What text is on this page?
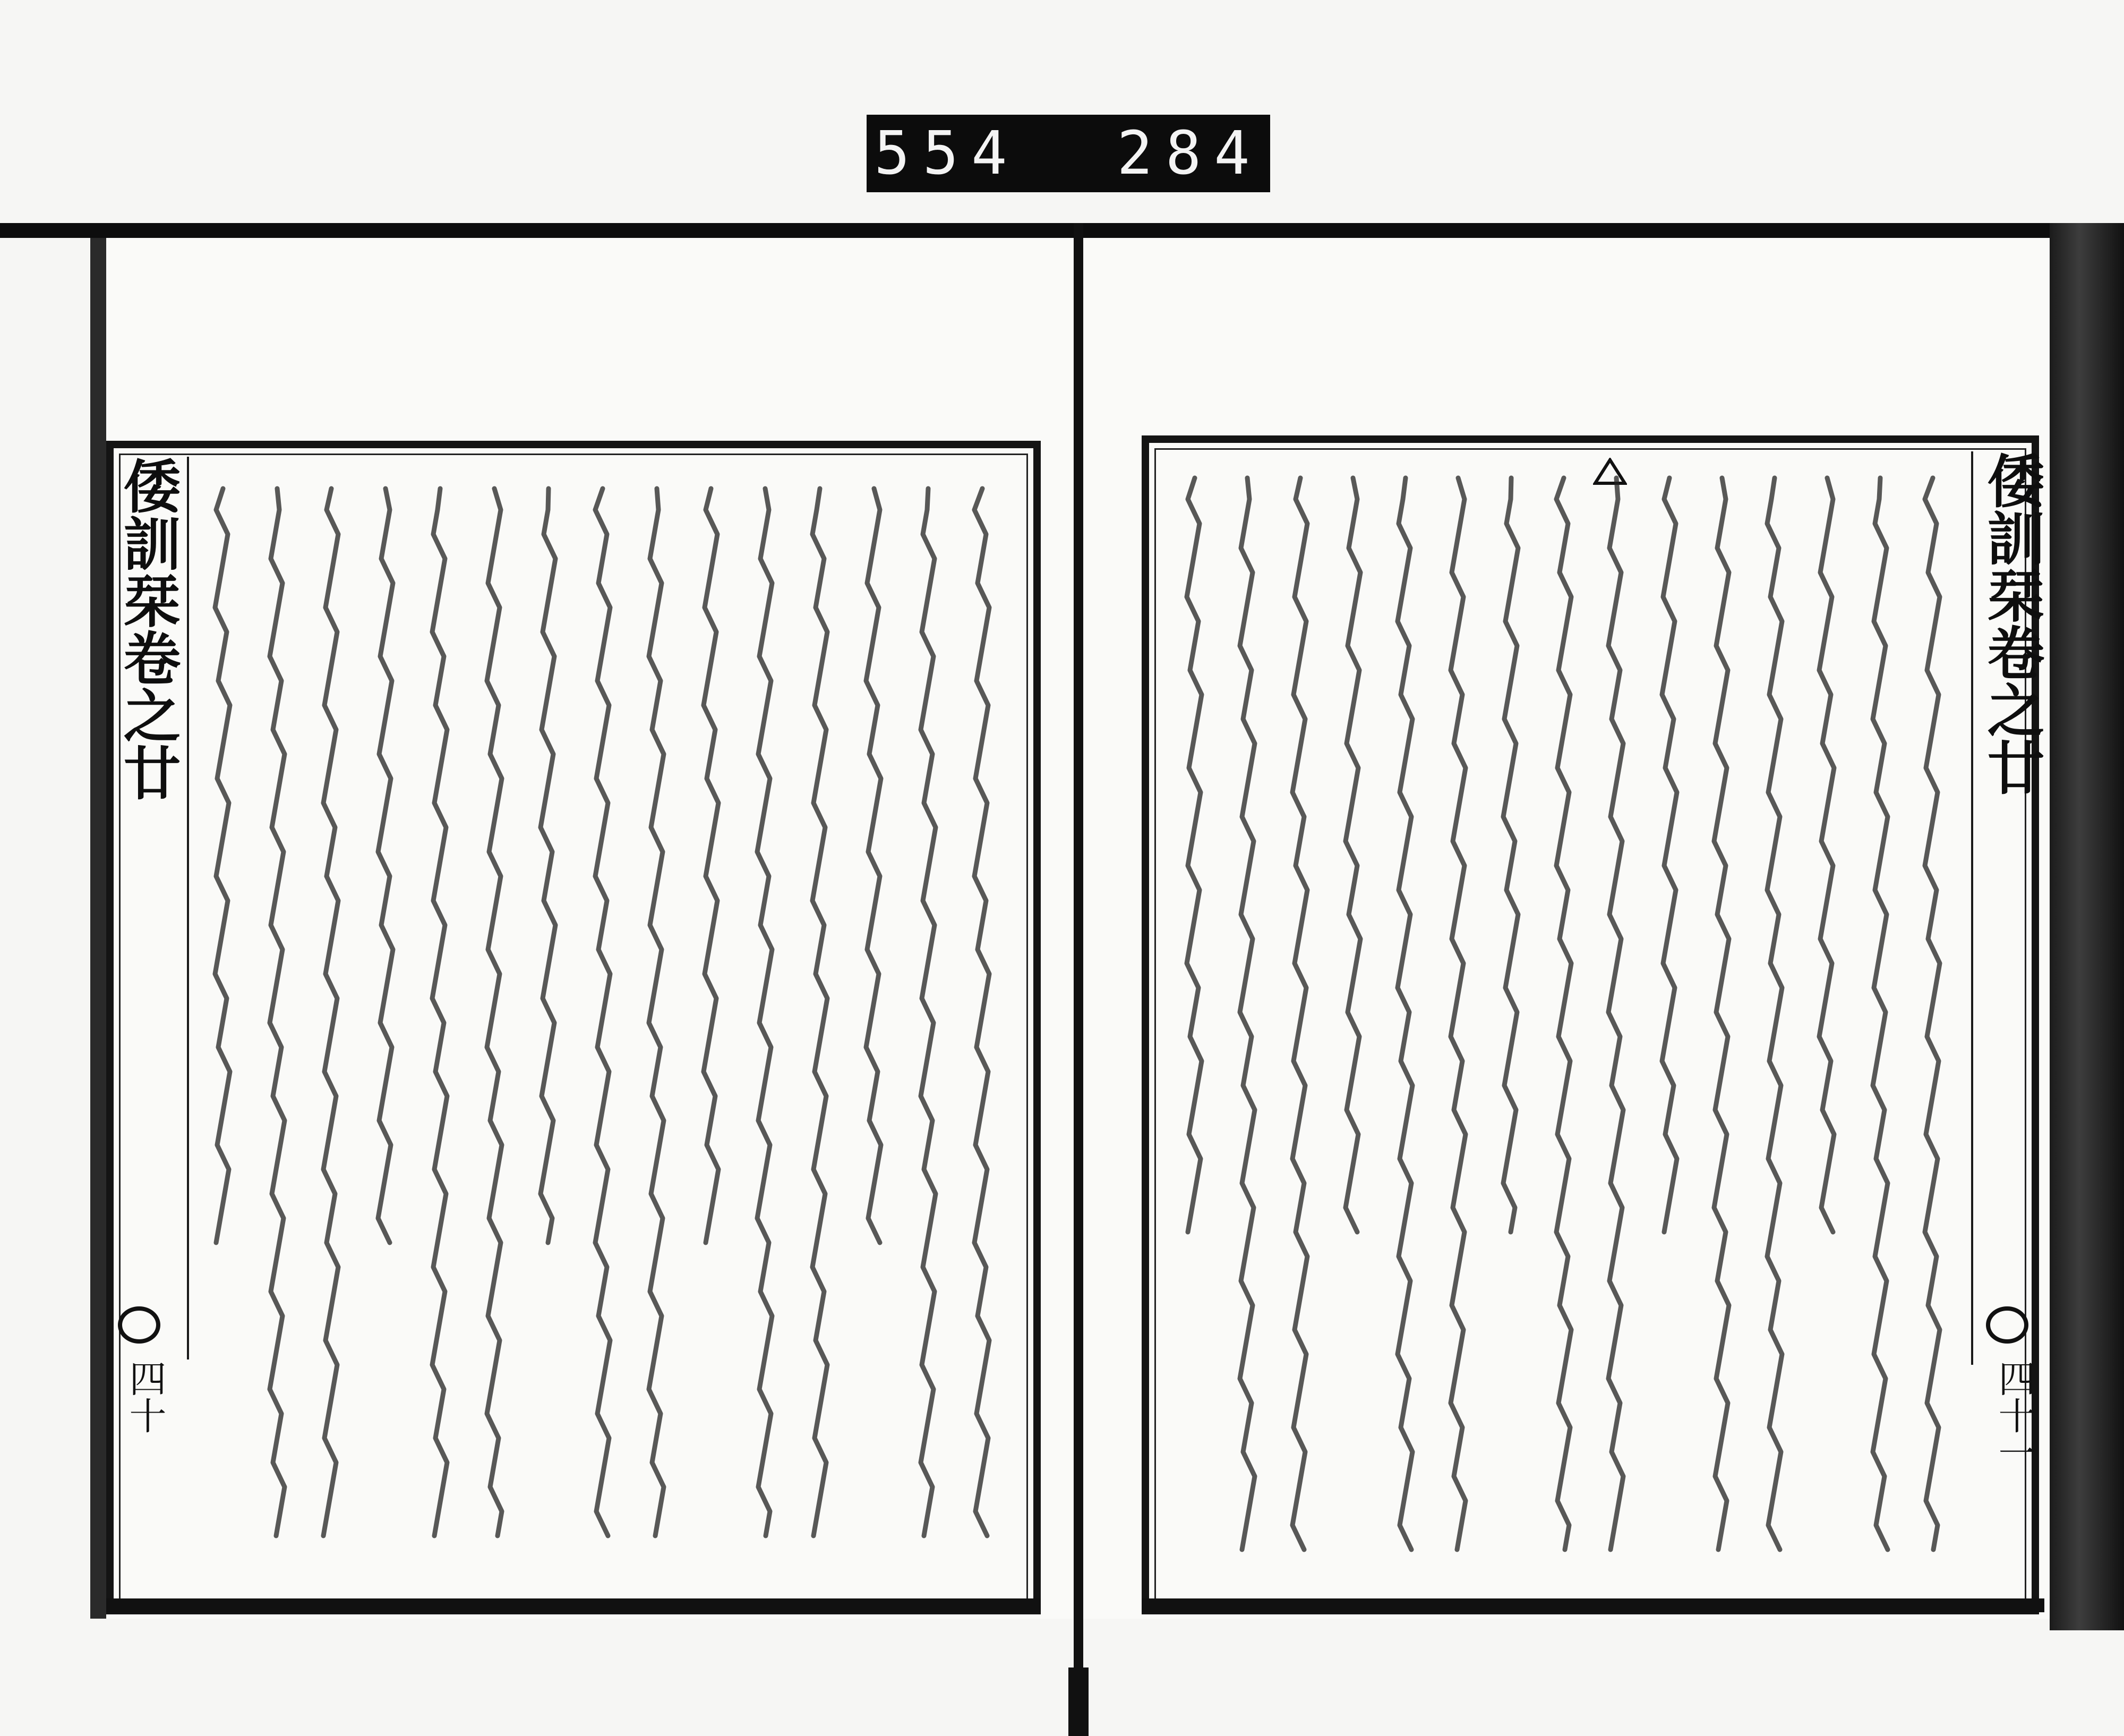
554  284
倭訓栞卷之廿
四十
倭訓栞卷之廿
四十一
